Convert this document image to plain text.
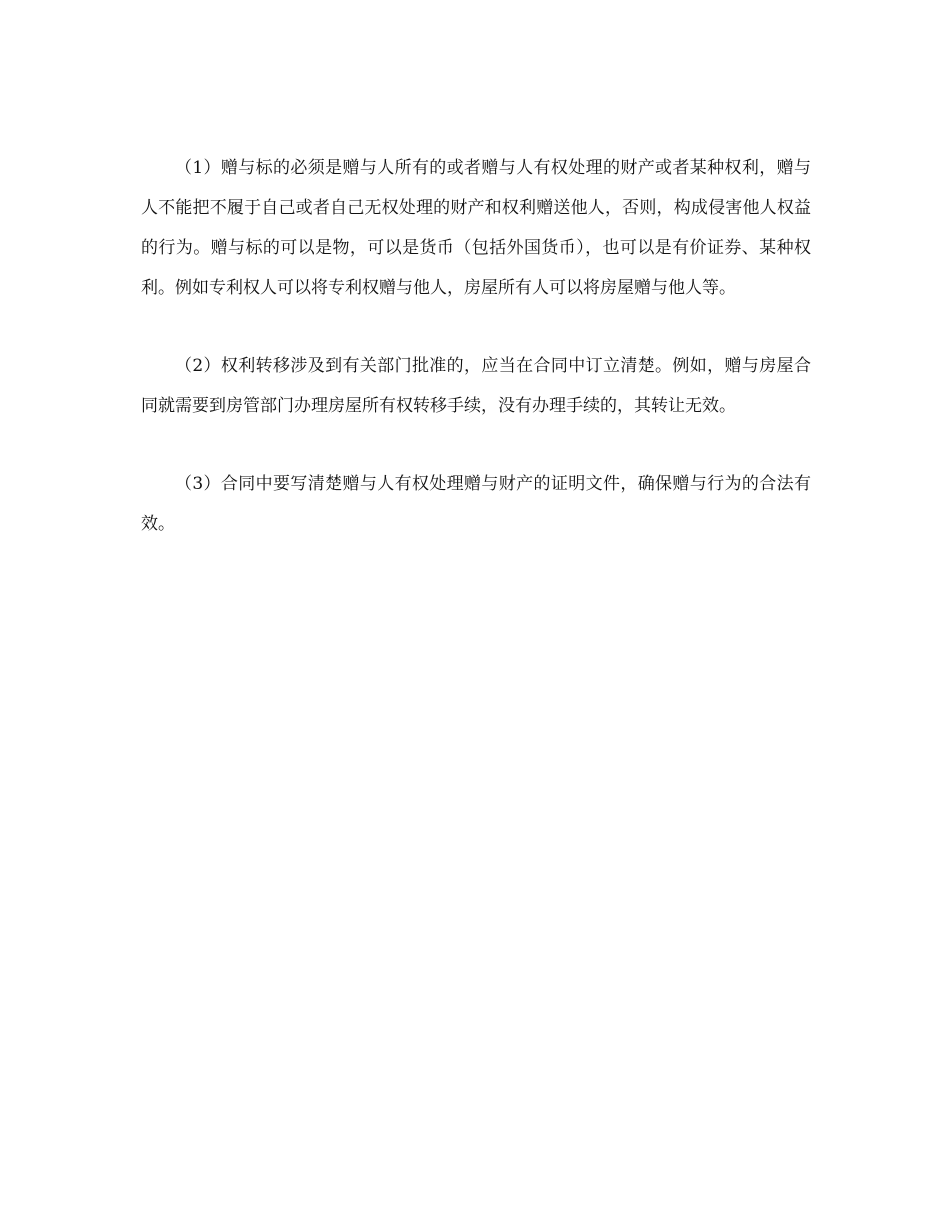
（1）赠与标的必须是赠与人所有的或者赠与人有权处理的财产或者某种权利，赠与人不能把不履于自己或者自己无权处理的财产和权利赠送他人，否则，构成侵害他人权益的行为。赠与标的可以是物，可以是货币（包括外国货币），也可以是有价证券、某种权利。例如专利权人可以将专利权赠与他人，房屋所有人可以将房屋赠与他人等。

（2）权利转移涉及到有关部门批准的，应当在合同中订立清楚。例如，赠与房屋合同就需要到房管部门办理房屋所有权转移手续，没有办理手续的，其转让无效。

（3）合同中要写清楚赠与人有权处理赠与财产的证明文件，确保赠与行为的合法有效。
